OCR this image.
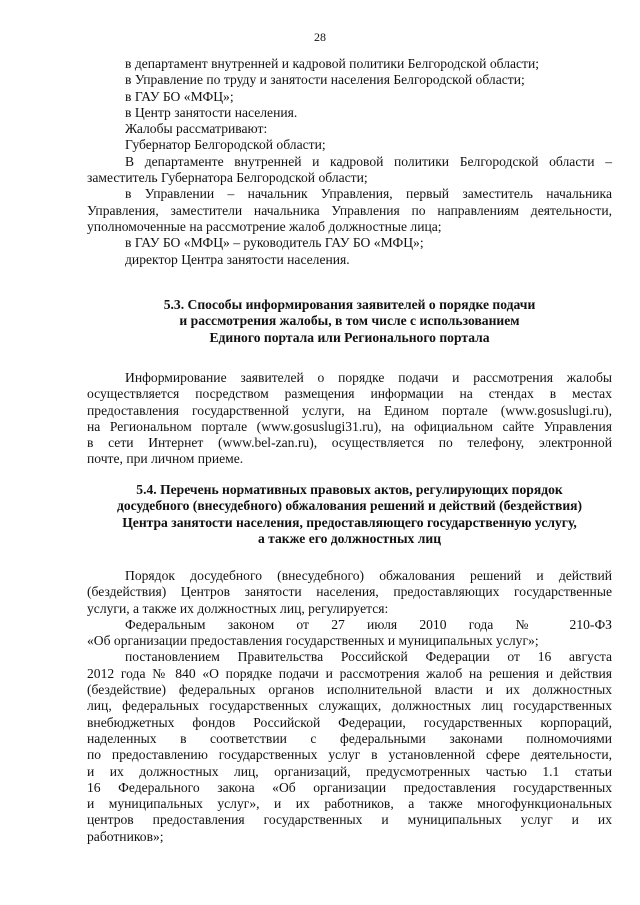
28
в департамент внутренней и кадровой политики Белгородской области;
в Управление по труду и занятости населения Белгородской области;
в ГАУ БО «МФЦ»;
в Центр занятости населения.
Жалобы рассматривают:
Губернатор Белгородской области;
В департаменте внутренней и кадровой политики Белгородской области –
заместитель Губернатора Белгородской области;
в Управлении – начальник Управления, первый заместитель начальника
Управления, заместители начальника Управления по направлениям деятельности,
уполномоченные на рассмотрение жалоб должностные лица;
в ГАУ БО «МФЦ» – руководитель ГАУ БО «МФЦ»;
директор Центра занятости населения.
5.3. Способы информирования заявителей о порядке подачи
и рассмотрения жалобы, в том числе с использованием
Единого портала или Регионального портала
Информирование заявителей о порядке подачи и рассмотрения жалобы
осуществляется посредством размещения информации на стендах в местах
предоставления государственной услуги, на Едином портале (www.gosuslugi.ru),
на Региональном портале (www.gosuslugi31.ru), на официальном сайте Управления
в сети Интернет (www.bel-zan.ru), осуществляется по телефону, электронной
почте, при личном приеме.
5.4. Перечень нормативных правовых актов, регулирующих порядок
досудебного (внесудебного) обжалования решений и действий (бездействия)
Центра занятости населения, предоставляющего государственную услугу,
а также его должностных лиц
Порядок досудебного (внесудебного) обжалования решений и действий
(бездействия) Центров занятости населения, предоставляющих государственные
услуги, а также их должностных лиц, регулируется:
Федеральным законом от 27 июля 2010 года № 210-ФЗ
«Об организации предоставления государственных и муниципальных услуг»;
постановлением Правительства Российской Федерации от 16 августа
2012 года № 840 «О порядке подачи и рассмотрения жалоб на решения и действия
(бездействие) федеральных органов исполнительной власти и их должностных
лиц, федеральных государственных служащих, должностных лиц государственных
внебюджетных фондов Российской Федерации, государственных корпораций,
наделенных в соответствии с федеральными законами полномочиями
по предоставлению государственных услуг в установленной сфере деятельности,
и их должностных лиц, организаций, предусмотренных частью 1.1 статьи
16 Федерального закона «Об организации предоставления государственных
и муниципальных услуг», и их работников, а также многофункциональных
центров предоставления государственных и муниципальных услуг и их
работников»;
